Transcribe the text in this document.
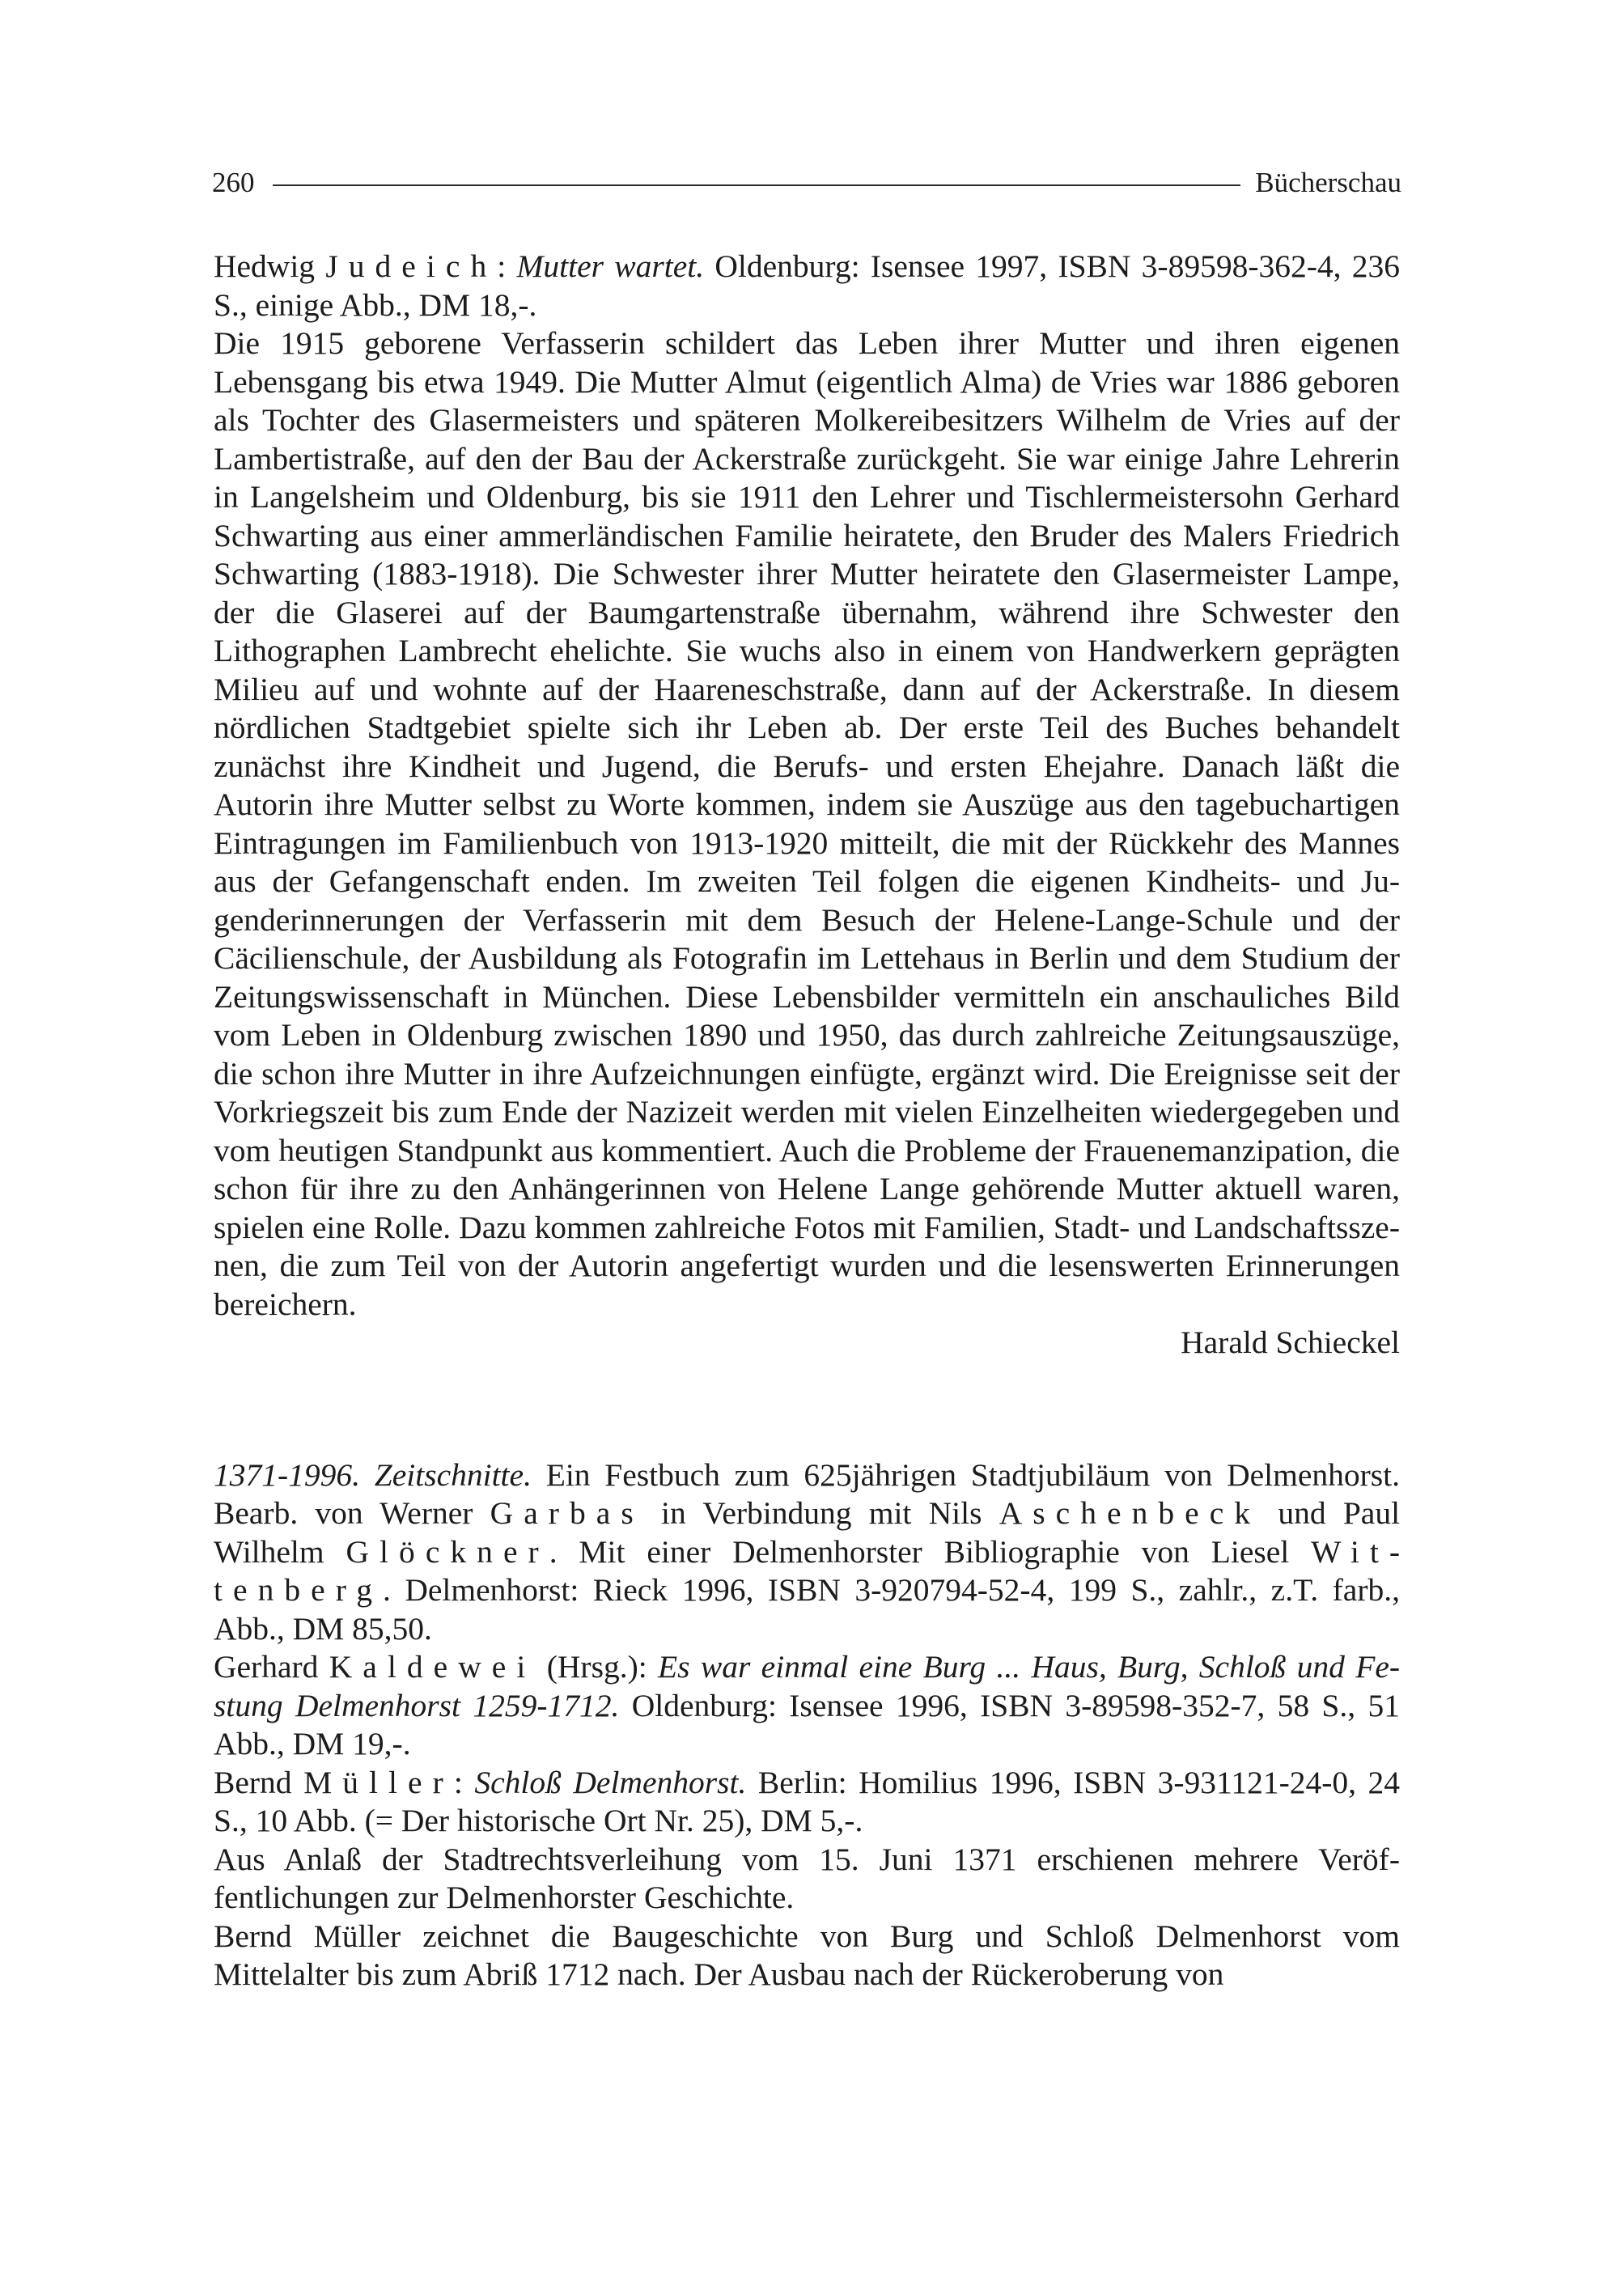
260	Bücherschau

Hedwig Judeich: Mutter wartet. Oldenburg: Isensee 1997, ISBN 3-89598-362-4, 236 S., einige Abb., DM 18,-.

Die 1915 geborene Verfasserin schildert das Leben ihrer Mutter und ihren eigenen Lebensgang bis etwa 1949. Die Mutter Almut (eigentlich Alma) de Vries war 1886 geboren als Tochter des Glasermeisters und späteren Molkereibesitzers Wilhelm de Vries auf der Lambertistraße, auf den der Bau der Ackerstraße zurückgeht. Sie war einige Jahre Lehrerin in Langelsheim und Oldenburg, bis sie 1911 den Lehrer und Tischlermeistersohn Gerhard Schwarting aus einer ammerländischen Familie heiratete, den Bruder des Malers Friedrich Schwarting (1883-1918). Die Schwester ihrer Mutter heiratete den Glasermeister Lampe, der die Glaserei auf der Baumgartenstraße übernahm, während ihre Schwester den Lithographen Lambrecht ehelichte. Sie wuchs also in einem von Handwerkern geprägten Milieu auf und wohnte auf der Haareneschstraße, dann auf der Ackerstraße. In diesem nördlichen Stadtgebiet spielte sich ihr Leben ab. Der erste Teil des Buches behandelt zunächst ihre Kindheit und Jugend, die Berufs- und ersten Ehejahre. Danach läßt die Autorin ihre Mutter selbst zu Worte kommen, indem sie Auszüge aus den tagebuchartigen Eintragungen im Familienbuch von 1913-1920 mitteilt, die mit der Rückkehr des Mannes aus der Gefangenschaft enden. Im zweiten Teil folgen die eigenen Kindheits- und Jugenderinnerungen der Verfasserin mit dem Besuch der Helene-Lange-Schule und der Cäcilienschule, der Ausbildung als Fotografin im Lettehaus in Berlin und dem Studium der Zeitungswissenschaft in München. Diese Lebensbilder vermitteln ein anschauliches Bild vom Leben in Oldenburg zwischen 1890 und 1950, das durch zahlreiche Zeitungsauszüge, die schon ihre Mutter in ihre Aufzeichnungen einfügte, ergänzt wird. Die Ereignisse seit der Vorkriegszeit bis zum Ende der Nazizeit werden mit vielen Einzelheiten wiedergegeben und vom heutigen Standpunkt aus kommentiert. Auch die Probleme der Frauenemanzipation, die schon für ihre zu den Anhängerinnen von Helene Lange gehörende Mutter aktuell waren, spielen eine Rolle. Dazu kommen zahlreiche Fotos mit Familien, Stadt- und Landschaftsszenen, die zum Teil von der Autorin angefertigt wurden und die lesenswerten Erinnerungen bereichern.

Harald Schieckel

1371-1996. Zeitschnitte. Ein Festbuch zum 625jährigen Stadtjubiläum von Delmenhorst. Bearb. von Werner Garbas in Verbindung mit Nils Aschenbeck und Paul Wilhelm Glöckner. Mit einer Delmenhorster Bibliographie von Liesel Wittenberg. Delmenhorst: Rieck 1996, ISBN 3-920794-52-4, 199 S., zahlr., z.T. farb., Abb., DM 85,50.

Gerhard Kaldewei (Hrsg.): Es war einmal eine Burg ... Haus, Burg, Schloß und Festung Delmenhorst 1259-1712. Oldenburg: Isensee 1996, ISBN 3-89598-352-7, 58 S., 51 Abb., DM 19,-.

Bernd Müller: Schloß Delmenhorst. Berlin: Homilius 1996, ISBN 3-931121-24-0, 24 S., 10 Abb. (= Der historische Ort Nr. 25), DM 5,-.

Aus Anlaß der Stadtrechtsverleihung vom 15. Juni 1371 erschienen mehrere Veröffentlichungen zur Delmenhorster Geschichte.

Bernd Müller zeichnet die Baugeschichte von Burg und Schloß Delmenhorst vom Mittelalter bis zum Abriß 1712 nach. Der Ausbau nach der Rückeroberung von
